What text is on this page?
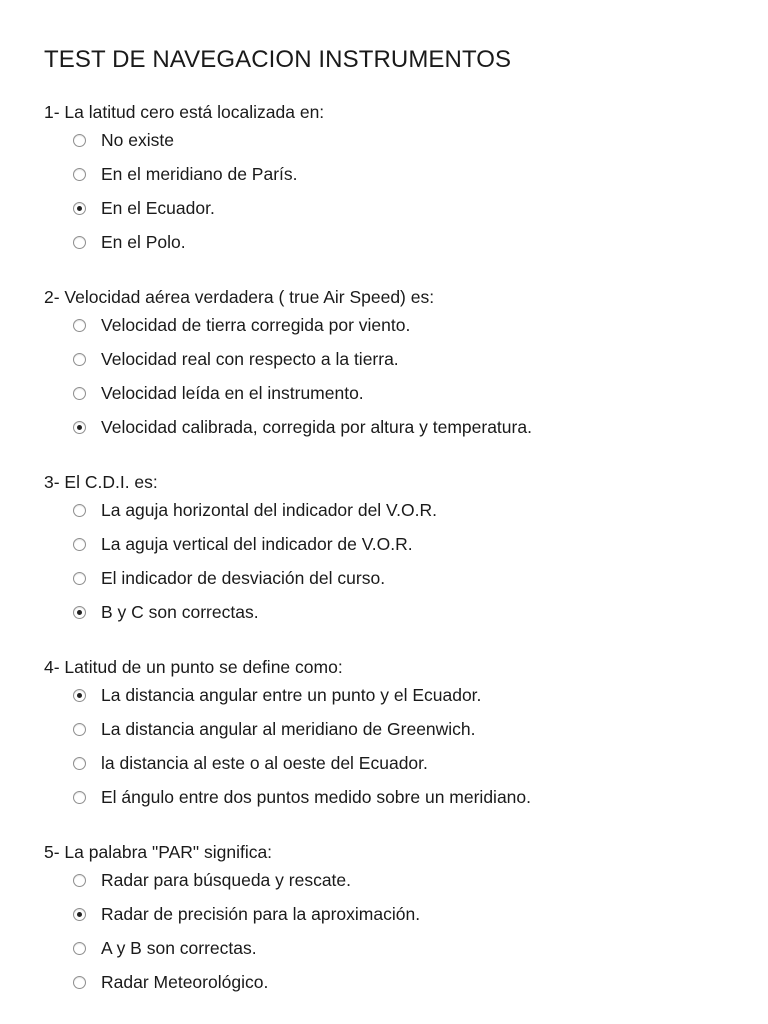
TEST DE NAVEGACION INSTRUMENTOS
1- La latitud cero está localizada en:
No existe
En el meridiano de París.
En el Ecuador.
En el Polo.
2- Velocidad aérea verdadera ( true Air Speed) es:
Velocidad de tierra corregida por viento.
Velocidad real con respecto a la tierra.
Velocidad leída en el instrumento.
Velocidad calibrada, corregida por altura y temperatura.
3- El C.D.I. es:
La aguja horizontal del indicador del V.O.R.
La aguja vertical del indicador de V.O.R.
El indicador de desviación del curso.
B y C son correctas.
4- Latitud de un punto se define como:
La distancia angular entre un punto y el Ecuador.
La distancia angular al meridiano de Greenwich.
la distancia al este o al oeste del Ecuador.
El ángulo entre dos puntos medido sobre un meridiano.
5- La palabra "PAR" significa:
Radar para búsqueda y rescate.
Radar de precisión para la aproximación.
A y B son correctas.
Radar Meteorológico.
